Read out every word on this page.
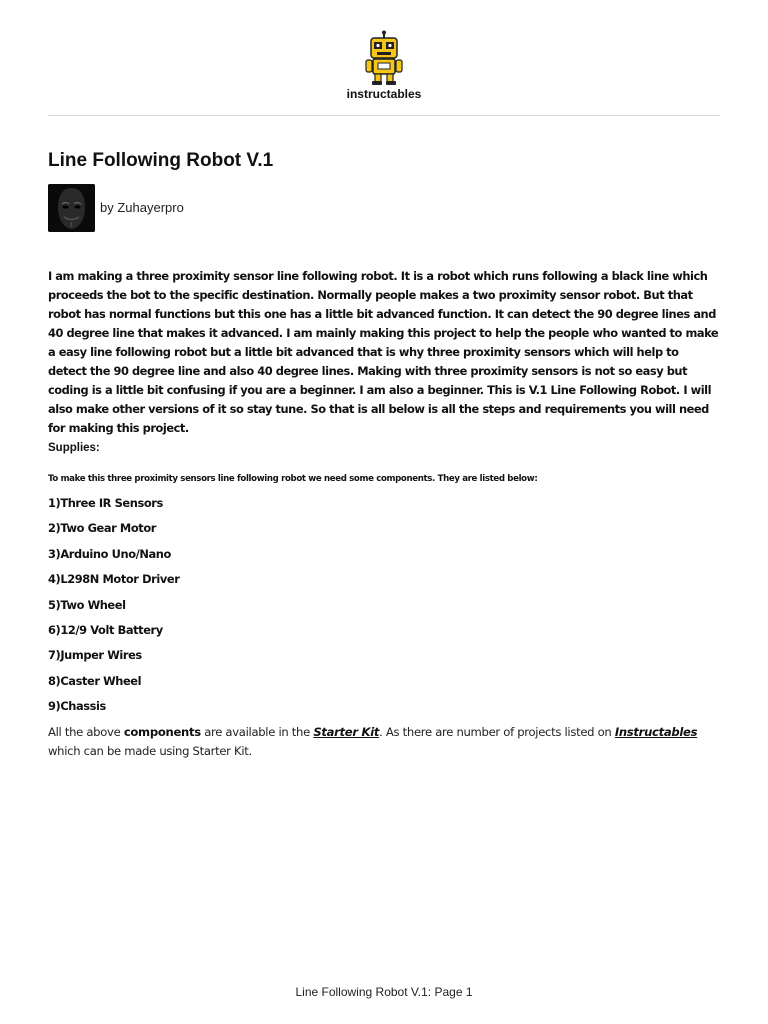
instructables
Line Following Robot V.1
by Zuhayerpro

I am making a three proximity sensor line following robot. It is a robot which runs following a black line which proceeds the bot to the specific destination. Normally people makes a two proximity sensor robot. But that robot has normal functions but this one has a little bit advanced function. It can detect the 90 degree lines and 40 degree line that makes it advanced. I am mainly making this project to help the people who wanted to make a easy line following robot but a little bit advanced that is why three proximity sensors which will help to detect the 90 degree line and also 40 degree lines. Making with three proximity sensors is not so easy but coding is a little bit confusing if you are a beginner. I am also a beginner. This is V.1 Line Following Robot. I will also make other versions of it so stay tune. So that is all below is all the steps and requirements you will need for making this project.

Supplies:
To make this three proximity sensors line following robot we need some components. They are listed below:
1)Three IR Sensors
2)Two Gear Motor
3)Arduino Uno/Nano
4)L298N Motor Driver
5)Two Wheel
6)12/9 Volt Battery
7)Jumper Wires
8)Caster Wheel
9)Chassis

All the above components are available in the Starter Kit. As there are number of projects listed on Instructables which can be made using Starter Kit.

Line Following Robot V.1: Page 1
